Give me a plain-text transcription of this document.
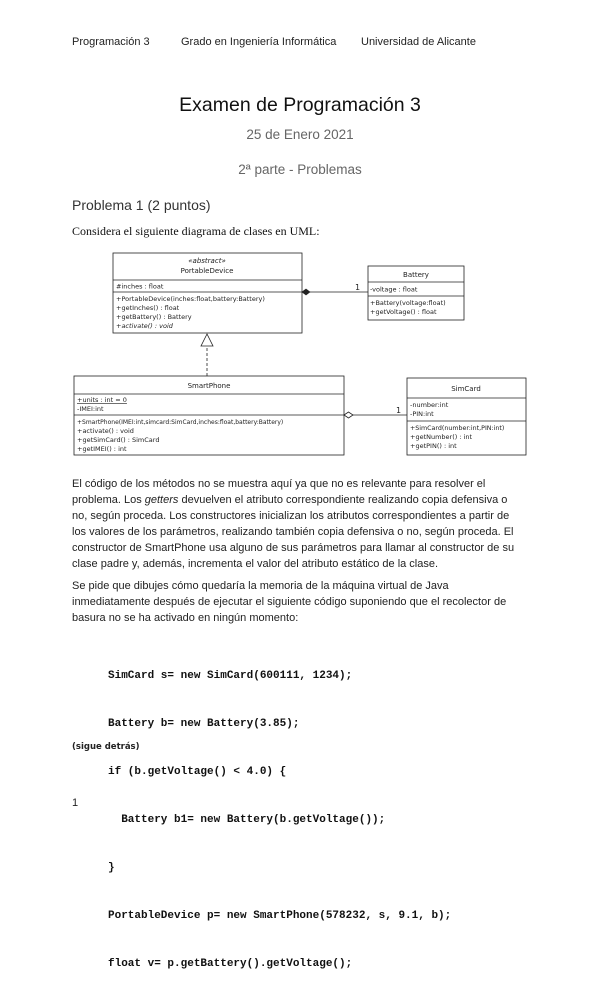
Programación 3	Grado en Ingeniería Informática Universidad de Alicante
Examen de Programación 3
25 de Enero 2021
2ª parte - Problemas
Problema 1 (2 puntos)
Considera el siguiente diagrama de clases en UML:
1
1
«abstract»
PortableDevice
#inches : float
+PortableDevice(inches:float,battery:Battery)
+getInches() : float
+getBattery() : Battery
+activate() : void
Battery
-voltage : float
+Battery(voltage:float)
+getVoltage() : float
SmartPhone
+units : int = 0
-IMEI:int
+SmartPhone(IMEI:int,simcard:SimCard,inches:float,battery:Battery)
+activate() : void
+getSimCard() : SimCard
+getIMEI() : int
SimCard
-number:int
-PIN:int
+SimCard(number:int,PIN:int)
+getNumber() : int
+getPIN() : int
El código de los métodos no se muestra aquí ya que no es relevante para resolver el
problema. Los getters devuelven el atributo correspondiente realizando copia defensiva o
no, según proceda. Los constructores inicializan los atributos correspondientes a partir de
los valores de los parámetros, realizando también copia defensiva o no, según proceda. El
constructor de SmartPhone usa alguno de sus parámetros para llamar al constructor de su
clase padre y, además, incrementa el valor del atributo estático de la clase.
Se pide que dibujes cómo quedaría la memoria de la máquina virtual de Java
inmediatamente después de ejecutar el siguiente código suponiendo que el recolector de
basura no se ha activado en ningún momento:

SimCard s= new SimCard(600111, 1234);

Battery b= new Battery(3.85);

if (b.getVoltage() < 4.0) {

Battery b1= new Battery(b.getVoltage());

}

PortableDevice p= new SmartPhone(578232, s, 9.1, b);

float v= p.getBattery().getVoltage();

(sigue detrás)
1
